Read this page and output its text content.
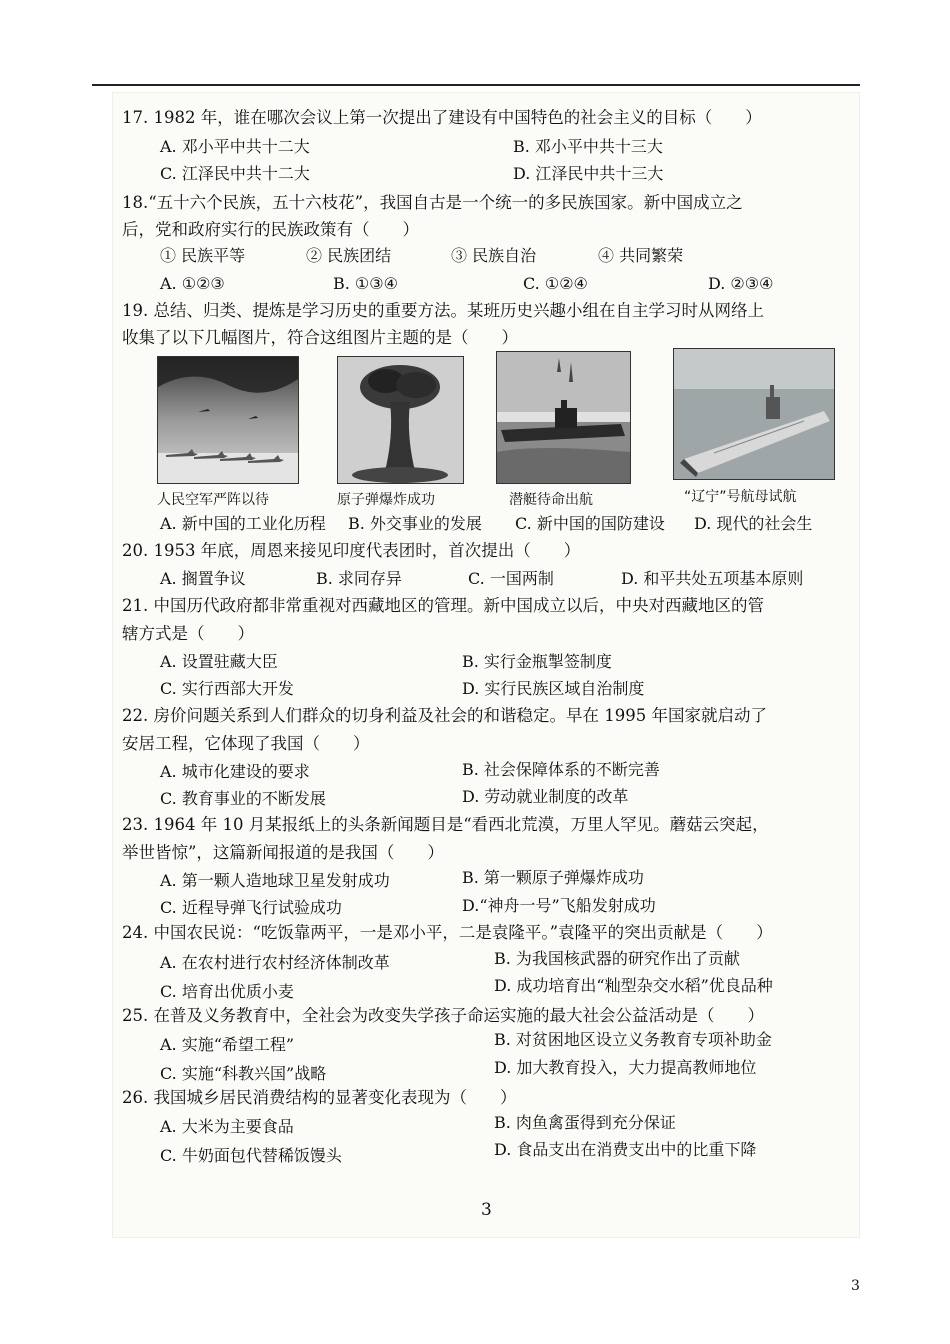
17. 1982 年，谁在哪次会议上第一次提出了建设有中国特色的社会主义的目标（　　）
A. 邓小平中共十二大	B. 邓小平中共十三大
C. 江泽民中共十二大	D. 江泽民中共十三大
18.“五十六个民族，五十六枝花”，我国自古是一个统一的多民族国家。新中国成立之
后，党和政府实行的民族政策有（　　）
① 民族平等	② 民族团结	③ 民族自治	④ 共同繁荣
A. ①②③	B. ①③④	C. ①②④	D. ②③④
19. 总结、归类、提炼是学习历史的重要方法。某班历史兴趣小组在自主学习时从网络上
收集了以下几幅图片，符合这组图片主题的是（　　）
人民空军严阵以待	原子弹爆炸成功	潜艇待命出航	“辽宁”号航母试航
A. 新中国的工业化历程 B. 外交事业的发展 C. 新中国的国防建设 D. 现代的社会生
20. 1953 年底，周恩来接见印度代表团时，首次提出（　　）
A. 搁置争议	B. 求同存异	C. 一国两制	D. 和平共处五项基本原则
21. 中国历代政府都非常重视对西藏地区的管理。新中国成立以后，中央对西藏地区的管
辖方式是（　　）
A. 设置驻藏大臣	B. 实行金瓶掣签制度
C. 实行西部大开发	D. 实行民族区域自治制度
22. 房价问题关系到人们群众的切身利益及社会的和谐稳定。早在 1995 年国家就启动了
安居工程，它体现了我国（　　）
A. 城市化建设的要求	B. 社会保障体系的不断完善
C. 教育事业的不断发展	D. 劳动就业制度的改革
23. 1964 年 10 月某报纸上的头条新闻题目是“看西北荒漠，万里人罕见。蘑菇云突起，
举世皆惊”，这篇新闻报道的是我国（　　）
A. 第一颗人造地球卫星发射成功	B. 第一颗原子弹爆炸成功
C. 近程导弹飞行试验成功	D.“神舟一号”飞船发射成功
24. 中国农民说：“吃饭靠两平，一是邓小平，二是袁隆平。”袁隆平的突出贡献是（　　）
A. 在农村进行农村经济体制改革	B. 为我国核武器的研究作出了贡献
C. 培育出优质小麦	D. 成功培育出“籼型杂交水稻”优良品种
25. 在普及义务教育中，全社会为改变失学孩子命运实施的最大社会公益活动是（　　）
A. 实施“希望工程”	B. 对贫困地区设立义务教育专项补助金
C. 实施“科教兴国”战略	D. 加大教育投入，大力提高教师地位
26. 我国城乡居民消费结构的显著变化表现为（　　）
A. 大米为主要食品	B. 肉鱼禽蛋得到充分保证
C. 牛奶面包代替稀饭馒头	D. 食品支出在消费支出中的比重下降
3
3
